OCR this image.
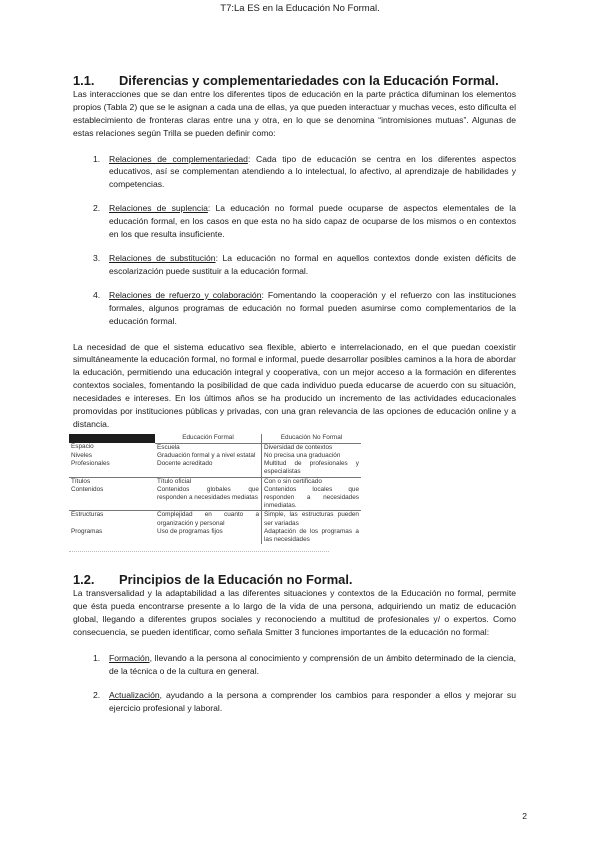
T7:La ES en la Educación No Formal.
1.1. Diferencias y complementariedades con la Educación Formal.

Las interacciones que se dan entre los diferentes tipos de educación en la parte práctica difuminan los elementos propios (Tabla 2) que se le asignan a cada una de ellas, ya que pueden interactuar y muchas veces, esto dificulta el establecimiento de fronteras claras entre una y otra, en lo que se denomina “intromisiones mutuas”. Algunas de estas relaciones según Trilla se pueden definir como:

1.	Relaciones de complementariedad: Cada tipo de educación se centra en los diferentes aspectos educativos, así se complementan atendiendo a lo intelectual, lo afectivo, al aprendizaje de habilidades y competencias.
2.	Relaciones de suplencia: La educación no formal puede ocuparse de aspectos elementales de la educación formal, en los casos en que esta no ha sido capaz de ocuparse de los mismos o en contextos en los que resulta insuficiente.
3.	Relaciones de substitución: La educación no formal en aquellos contextos donde existen déficits de escolarización puede sustituir a la educación formal.
4.	Relaciones de refuerzo y colaboración: Fomentando la cooperación y el refuerzo con las instituciones formales, algunos programas de educación no formal pueden asumirse como complementarios de la educación formal.

La necesidad de que el sistema educativo sea flexible, abierto e interrelacionado, en el que puedan coexistir simultáneamente la educación formal, no formal e informal, puede desarrollar posibles caminos a la hora de abordar la educación, permitiendo una educación integral y cooperativa, con un mejor acceso a la formación en diferentes contextos sociales, fomentando la posibilidad de que cada individuo pueda educarse de acuerdo con su situación, necesidades e intereses. En los últimos años se ha producido un incremento de las actividades educacionales promovidas por instituciones públicas y privadas, con una gran relevancia de las opciones de educación online y a distancia.

	Educación Formal	Educación No Formal
Espacio	Escuela	Diversidad de contextos
Niveles	Graduación formal y a nivel estatal	No precisa una graduación
Profesionales	Docente acreditado	Multitud de profesionales y especialistas
Títulos	Título oficial	Con o sin certificado
Contenidos	Contenidos globales que responden a necesidades mediatas	Contenidos locales que responden a necesidades inmediatas.
Estructuras	Complejidad en cuanto a organización y personal	Simple, las estructuras pueden ser variadas
Programas	Uso de programas fijos	Adaptación de los programas a las necesidades
1.2. Principios de la Educación no Formal.

La transversalidad y la adaptabilidad a las diferentes situaciones y contextos de la Educación no formal, permite que ésta pueda encontrarse presente a lo largo de la vida de una persona, adquiriendo un matiz de educación global, llegando a diferentes grupos sociales y reconociendo a multitud de profesionales y/ o expertos. Como consecuencia, se pueden identificar, como señala Smitter 3 funciones importantes de la educación no formal:

1.	Formación, llevando a la persona al conocimiento y comprensión de un ámbito determinado de la ciencia, de la técnica o de la cultura en general.
2.	Actualización, ayudando a la persona a comprender los cambios para responder a ellos y mejorar su ejercicio profesional y laboral.
2
